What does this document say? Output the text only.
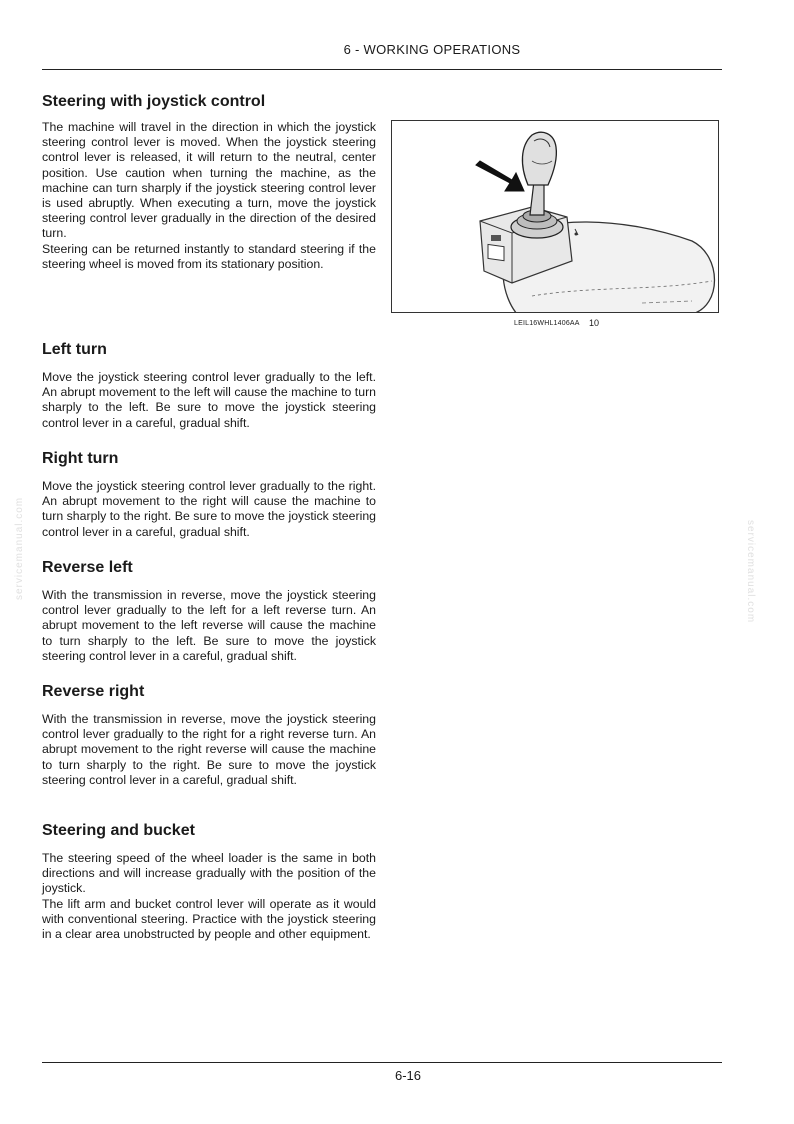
6 - WORKING OPERATIONS
Steering with joystick control

The machine will travel in the direction in which the joystick steering control lever is moved. When the joystick steering control lever is released, it will return to the neutral, center position. Use caution when turning the machine, as the machine can turn sharply if the joystick steering control lever is used abruptly. When executing a turn, move the joystick steering control lever gradually in the direction of the desired turn.

Steering can be returned instantly to standard steering if the steering wheel is moved from its stationary position.

LEIL16WHL1406AA 10
Left turn

Move the joystick steering control lever gradually to the left. An abrupt movement to the left will cause the machine to turn sharply to the left. Be sure to move the joystick steering control lever in a careful, gradual shift.

Right turn

Move the joystick steering control lever gradually to the right. An abrupt movement to the right will cause the machine to turn sharply to the right. Be sure to move the joystick steering control lever in a careful, gradual shift.

Reverse left

With the transmission in reverse, move the joystick steering control lever gradually to the left for a left reverse turn. An abrupt movement to the left reverse will cause the machine to turn sharply to the left. Be sure to move the joystick steering control lever in a careful, gradual shift.

Reverse right

With the transmission in reverse, move the joystick steering control lever gradually to the right for a right reverse turn. An abrupt movement to the right reverse will cause the machine to turn sharply to the right. Be sure to move the joystick steering control lever in a careful, gradual shift.

Steering and bucket

The steering speed of the wheel loader is the same in both directions and will increase gradually with the position of the joystick.

The lift arm and bucket control lever will operate as it would with conventional steering. Practice with the joystick steering in a clear area unobstructed by people and other equipment.

servicemanual.com	servicemanual.com
6-16
